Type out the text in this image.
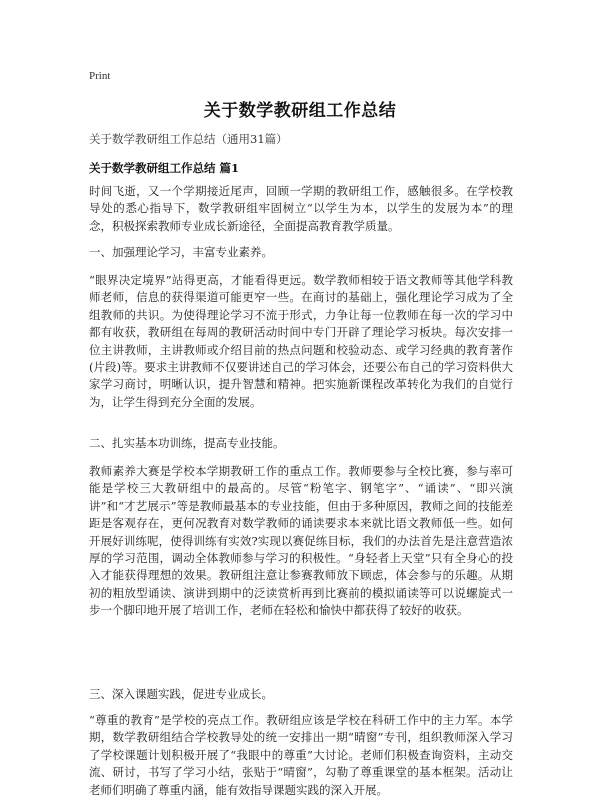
Print
关于数学教研组工作总结
关于数学教研组工作总结（通用31篇）
关于数学教研组工作总结 篇1

时间飞逝，又一个学期接近尾声，回顾一学期的教研组工作，感触很多。在学校教导处的悉心指导下，数学教研组牢固树立“以学生为本，以学生的发展为本”的理念，积极探索教师专业成长新途径，全面提高教育教学质量。

一、加强理论学习，丰富专业素养。

“眼界决定境界”站得更高，才能看得更远。数学教师相较于语文教师等其他学科教师老师，信息的获得渠道可能更窄一些。在商讨的基础上，强化理论学习成为了全组教师的共识。为使得理论学习不流于形式，力争让每一位教师在每一次的学习中都有收获，教研组在每周的教研活动时间中专门开辟了理论学习板块。每次安排一位主讲教师，主讲教师或介绍目前的热点问题和校验动态、或学习经典的教育著作(片段)等。要求主讲教师不仅要讲述自己的学习体会，还要公布自己的学习资料供大家学习商讨，明晰认识，提升智慧和精神。把实施新课程改革转化为我们的自觉行为，让学生得到充分全面的发展。

二、扎实基本功训练，提高专业技能。

教师素养大赛是学校本学期教研工作的重点工作。教师要参与全校比赛，参与率可能是学校三大教研组中的最高的。尽管“粉笔字、钢笔字”、“诵读”、“即兴演讲”和“才艺展示”等是教师最基本的专业技能，但由于多种原因，教师之间的技能差距是客观存在，更何况教育对数学教师的诵读要求本来就比语文教师低一些。如何开展好训练呢，使得训练有实效?实现以赛促练目标，我们的办法首先是注意营造浓厚的学习范围，调动全体教师参与学习的积极性。“身轻者上天堂”只有全身心的投入才能获得理想的效果。教研组注意让参赛教师放下顾虑，体会参与的乐趣。从期初的粗放型诵读、演讲到期中的泛读赏析再到比赛前的模拟诵读等可以说螺旋式一步一个脚印地开展了培训工作，老师在轻松和愉快中都获得了较好的收获。

三、深入课题实践，促进专业成长。

“尊重的教育”是学校的亮点工作。教研组应该是学校在科研工作中的主力军。本学期，数学教研组结合学校教导处的统一安排出一期“晴窗”专刊，组织教师深入学习了学校课题计划积极开展了“我眼中的尊重”大讨论。老师们积极查询资料，主动交流、研讨，书写了学习小结，张贴于“晴窗”，勾勒了尊重课堂的基本框架。活动让老师们明确了尊重内涵，能有效指导课题实践的深入开展。
